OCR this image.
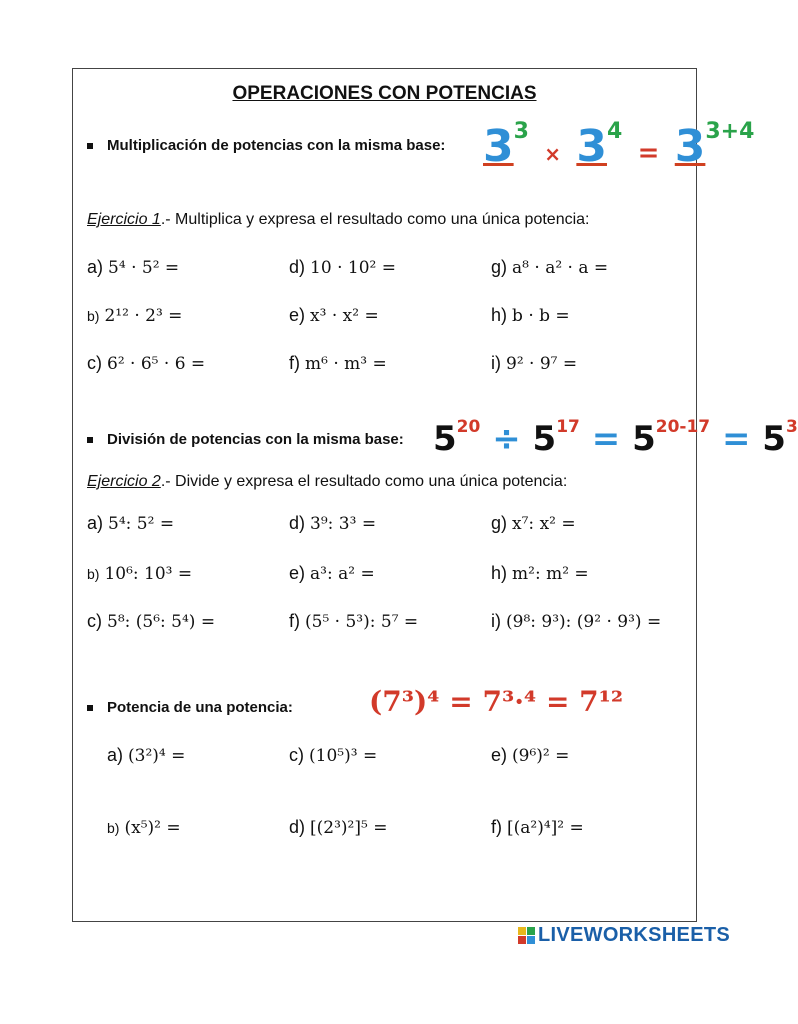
OPERACIONES CON POTENCIAS
Multiplicación de potencias con la misma base: $3^3 \times 3^4 = 3^{3+4}$
Ejercicio 1.- Multiplica y expresa el resultado como una única potencia:
a) 5⁴ · 5² =	d) 10 · 10² =	g) a⁸ · a² · a =
b) 2¹² · 2³ =	e) x³ · x² =	h) b · b =
c) 6² · 6⁵ · 6 =	f) m⁶ · m³ =	i) 9² · 9⁷ =
División de potencias con la misma base: $5^{20} \div 5^{17} = 5^{20-17} = 5^3$
Ejercicio 2.- Divide y expresa el resultado como una única potencia:
a) 5⁴: 5² =	d) 3⁹: 3³ =	g) x⁷: x² =
b) 10⁶: 10³ =	e) a³: a² =	h) m²: m² =
c) 5⁸: (5⁶: 5⁴) =	f) (5⁵ · 5³): 5⁷ =	i) (9⁸: 9³): (9² · 9³) =
Potencia de una potencia:	(7³)⁴ = 7³·⁴ = 7¹²
a) (3²)⁴ =	c) (10⁵)³ =	e) (9⁶)² =
b) (x⁵)² =	d) [(2³)²]⁵ =	f) [(a²)⁴]² =
LIVEWORKSHEETS
